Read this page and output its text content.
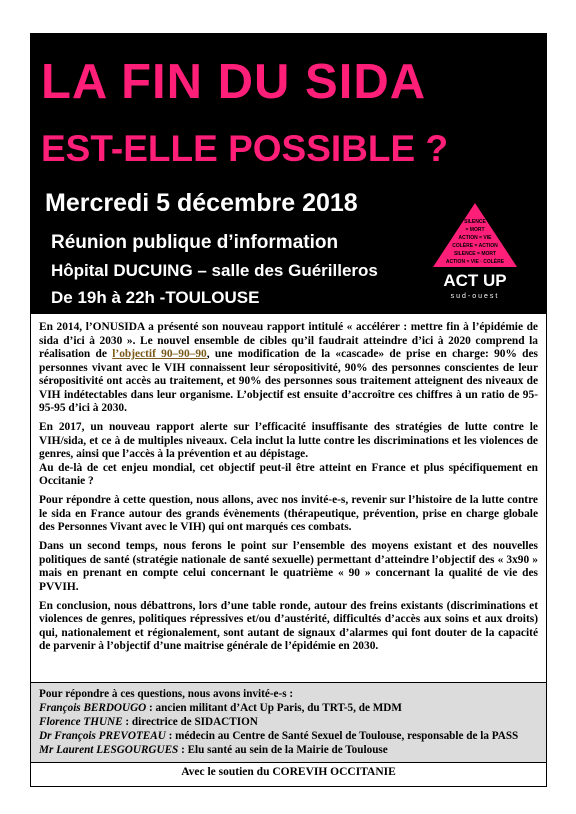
LA FIN DU SIDA
EST-ELLE POSSIBLE ?
Mercredi 5 décembre 2018
Réunion publique d’information
Hôpital DUCUING – salle des Guérilleros
De 19h à 22h -TOULOUSE
SILENCE
= MORT
ACTION = VIE
COLÈRE = ACTION
SILENCE = MORT
ACTION = VIE · COLÈRE
ACT UP
sud-ouest

En 2014, l’ONUSIDA a présenté son nouveau rapport intitulé « accélérer : mettre fin à l’épidémie de sida d’ici à 2030 ». Le nouvel ensemble de cibles qu’il faudrait atteindre d’ici à 2020 comprend la réalisation de l’objectif 90–90–90, une modification de la «cascade» de prise en charge: 90% des personnes vivant avec le VIH connaissent leur séropositivité, 90% des personnes conscientes de leur séropositivité ont accès au traitement, et 90% des personnes sous traitement atteignent des niveaux de VIH indétectables dans leur organisme. L’objectif est ensuite d’accroître ces chiffres à un ratio de 95-95-95 d’ici à 2030.

En 2017, un nouveau rapport alerte sur l’efficacité insuffisante des stratégies de lutte contre le VIH/sida, et ce à de multiples niveaux. Cela inclut la lutte contre les discriminations et les violences de genres, ainsi que l’accès à la prévention et au dépistage.
Au de-là de cet enjeu mondial, cet objectif peut-il être atteint en France et plus spécifiquement en Occitanie ?

Pour répondre à cette question, nous allons, avec nos invité-e-s, revenir sur l’histoire de la lutte contre le sida en France autour des grands évènements (thérapeutique, prévention, prise en charge globale des Personnes Vivant avec le VIH) qui ont marqués ces combats.

Dans un second temps, nous ferons le point sur l’ensemble des moyens existant et des nouvelles politiques de santé (stratégie nationale de santé sexuelle) permettant d’atteindre l’objectif des « 3x90 » mais en prenant en compte celui concernant le quatrième « 90 » concernant la qualité de vie des PVVIH.

En conclusion, nous débattrons, lors d’une table ronde, autour des freins existants (discriminations et violences de genres, politiques répressives et/ou d’austérité, difficultés d’accès aux soins et aux droits) qui, nationalement et régionalement, sont autant de signaux d’alarmes qui font douter de la capacité de parvenir à l’objectif d’une maitrise générale de l’épidémie en 2030.

Pour répondre à ces questions, nous avons invité-e-s :
François BERDOUGO : ancien militant d’Act Up Paris, du TRT-5, de MDM
Florence THUNE : directrice de SIDACTION
Dr François PREVOTEAU : médecin au Centre de Santé Sexuel de Toulouse, responsable de la PASS
Mr Laurent LESGOURGUES : Elu santé au sein de la Mairie de Toulouse
Avec le soutien du COREVIH OCCITANIE
